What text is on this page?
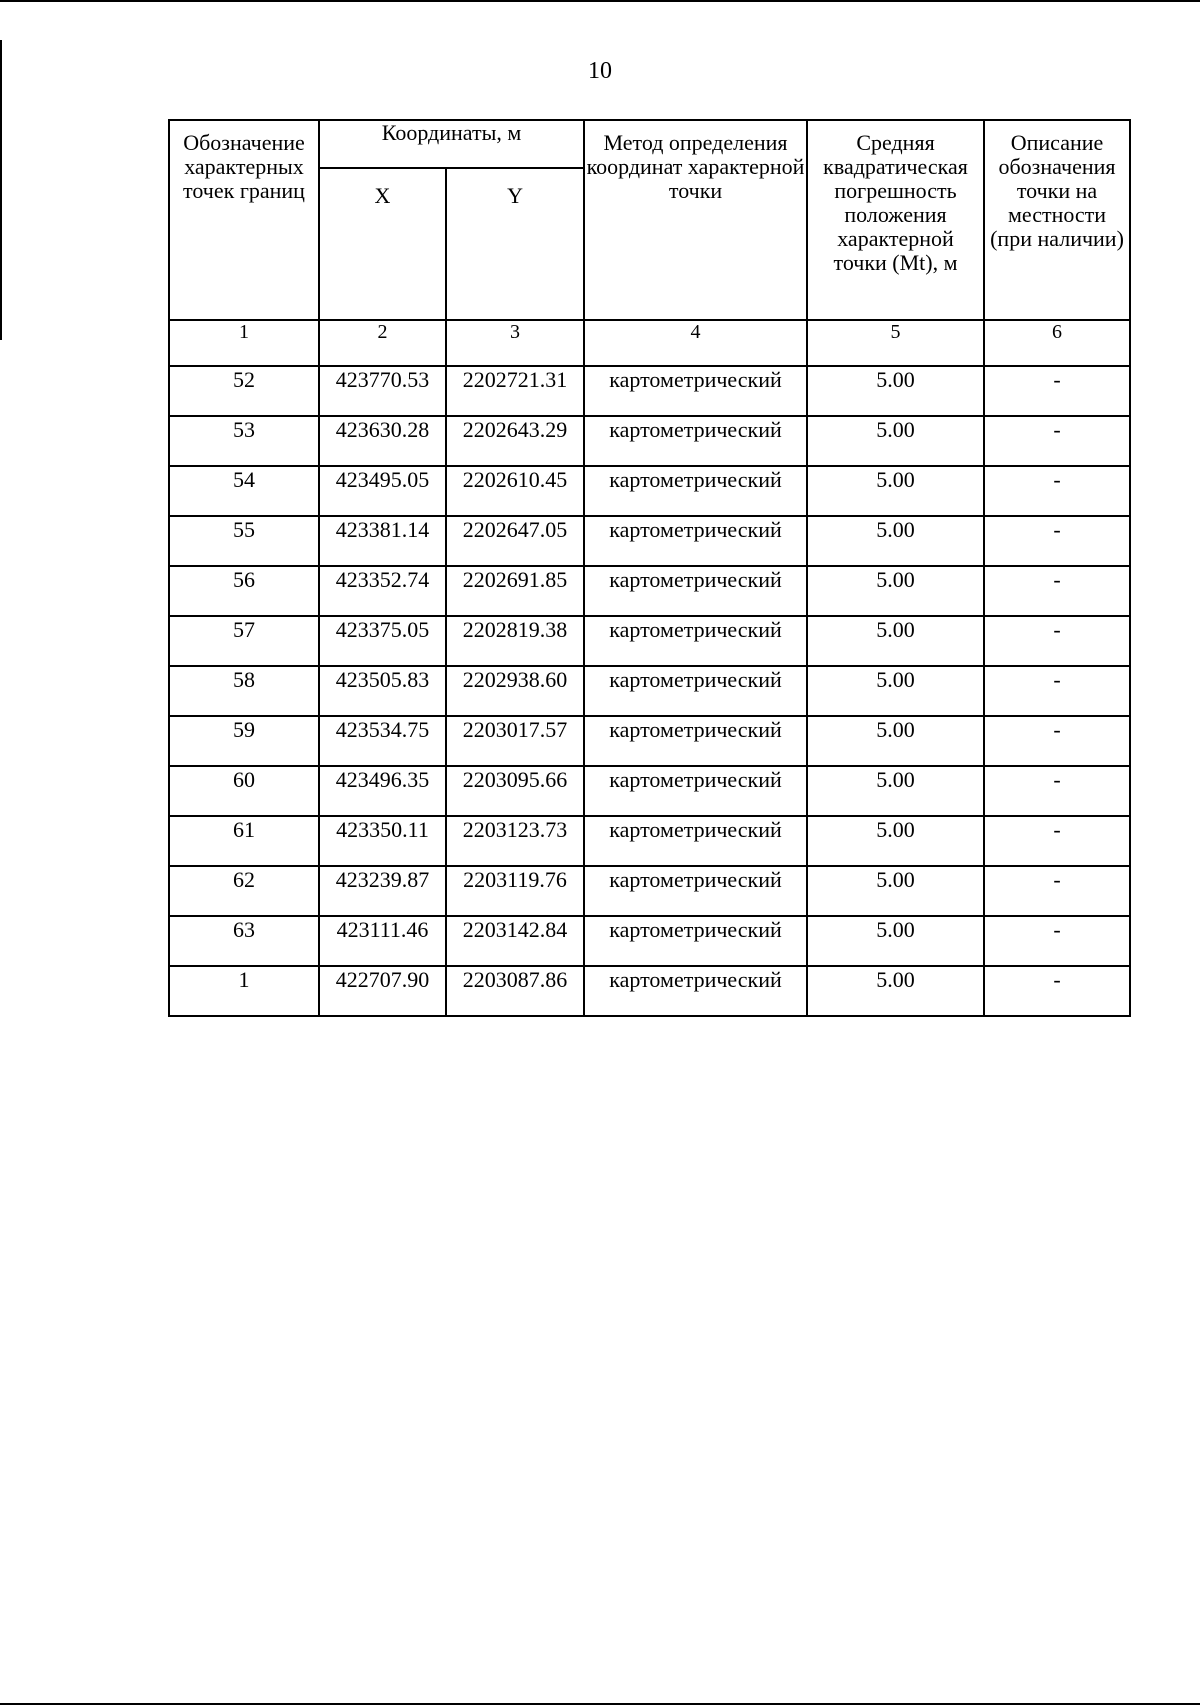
10
Обозначение характерных точек границ	Координаты, м		Метод определения координат характерной точки	Средняя квадратическая погрешность положения характерной точки (Mt), м	Описание обозначения точки на местности (при наличии)
	X	Y			
1	2	3	4	5	6
52	423770.53	2202721.31	картометрический	5.00	-
53	423630.28	2202643.29	картометрический	5.00	-
54	423495.05	2202610.45	картометрический	5.00	-
55	423381.14	2202647.05	картометрический	5.00	-
56	423352.74	2202691.85	картометрический	5.00	-
57	423375.05	2202819.38	картометрический	5.00	-
58	423505.83	2202938.60	картометрический	5.00	-
59	423534.75	2203017.57	картометрический	5.00	-
60	423496.35	2203095.66	картометрический	5.00	-
61	423350.11	2203123.73	картометрический	5.00	-
62	423239.87	2203119.76	картометрический	5.00	-
63	423111.46	2203142.84	картометрический	5.00	-
1	422707.90	2203087.86	картометрический	5.00	-
